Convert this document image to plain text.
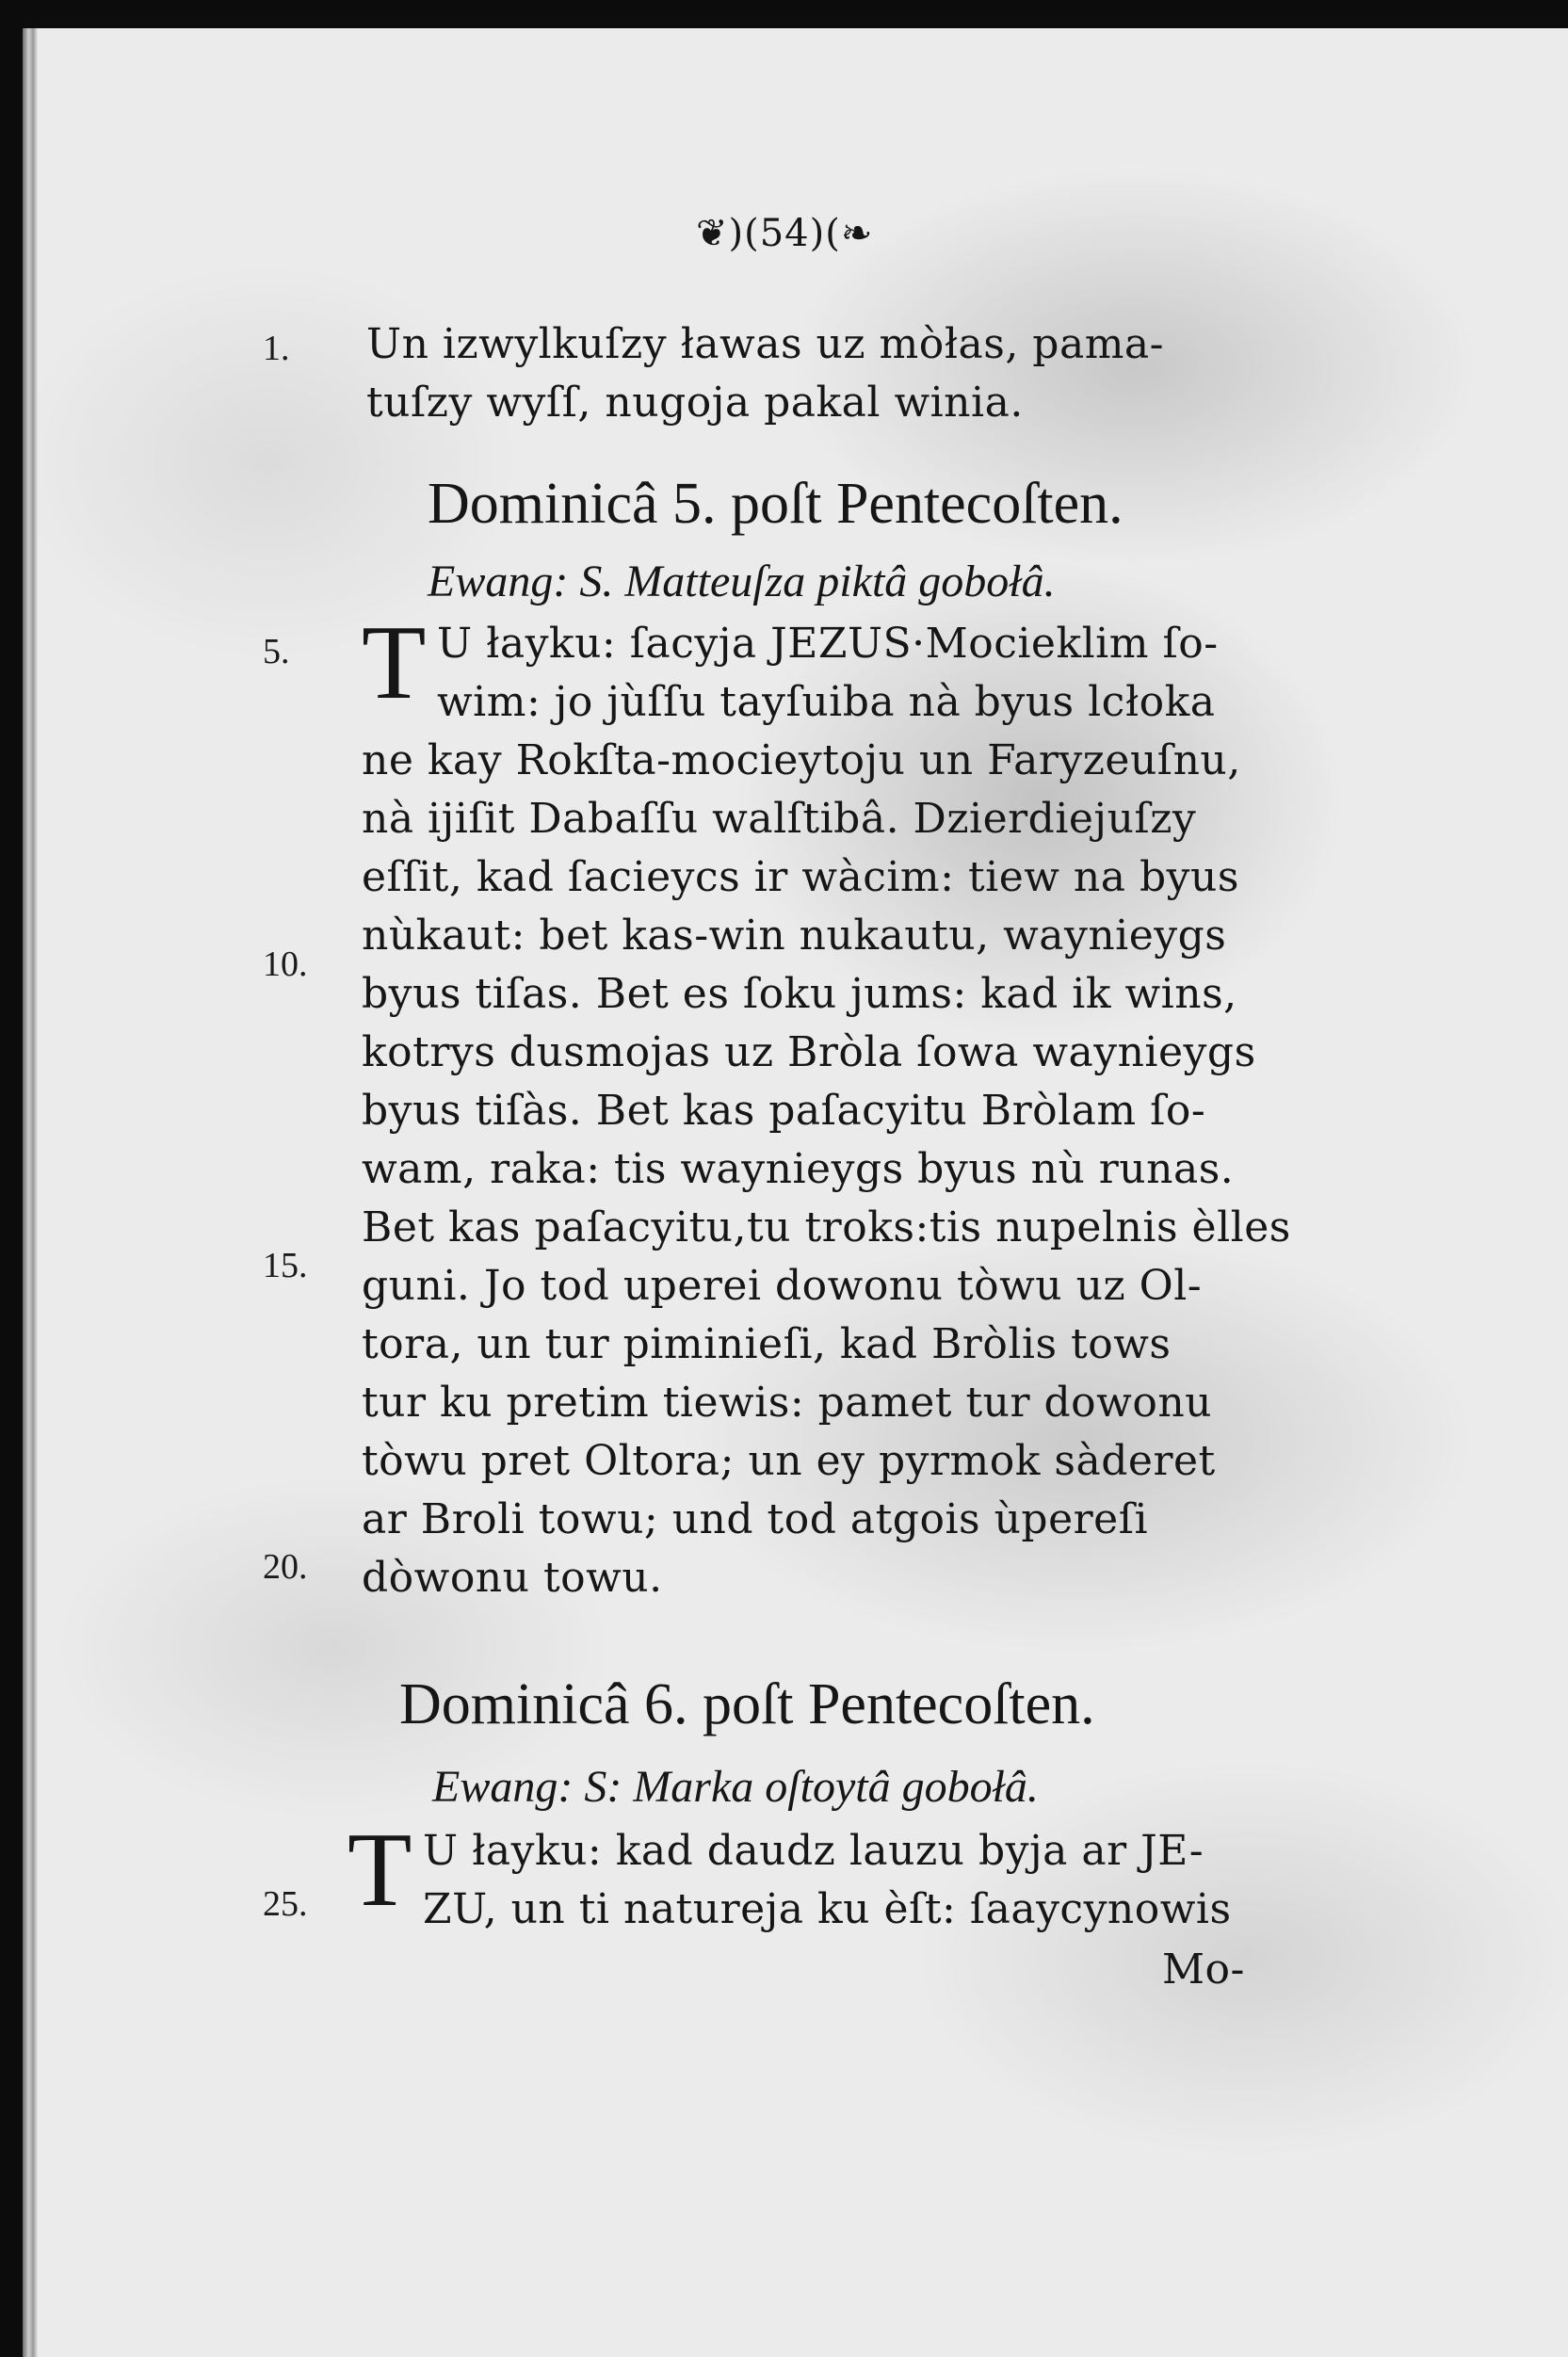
❦)(54)(❧
1.
5.
10.
15.
20.
25.
Un izwylkuſzy ławas uz mòłas, pama-
tuſzy wyſſ, nugoja pakal winia.
Dominicâ 5. poſt Pentecoſten.
Ewang: S. Matteuſza piktâ gobołâ.
T U łayku: ſacyja JEZUS·Mocieklim ſo-
wim: jo jùſſu tayſuiba nà byus lcłoka
ne kay Rokſta-mocieytoju un Faryzeuſnu,
nà ijiſit Dabaſſu walſtibâ. Dzierdiejuſzy
eſſit, kad ſacieycs ir wàcim: tiew na byus
nùkaut: bet kas-win nukautu, waynieygs
byus tiſas. Bet es ſoku jums: kad ik wins,
kotrys dusmojas uz Bròla ſowa waynieygs
byus tiſàs. Bet kas paſacyitu Bròlam ſo-
wam, raka: tis waynieygs byus nù runas.
Bet kas paſacyitu,tu troks:tis nupelnis èlles
guni. Jo tod uperei dowonu tòwu uz Ol-
tora, un tur piminieſi, kad Bròlis tows
tur ku pretim tiewis: pamet tur dowonu
tòwu pret Oltora; un ey pyrmok sàderet
ar Broli towu; und tod atgois ùpereſi
dòwonu towu.
Dominicâ 6. poſt Pentecoſten.
Ewang: S: Marka oſtoytâ gobołâ.
T U łayku: kad daudz lauzu byja ar JE-
ZU, un ti natureja ku èſt: ſaaycynowis
Mo-
